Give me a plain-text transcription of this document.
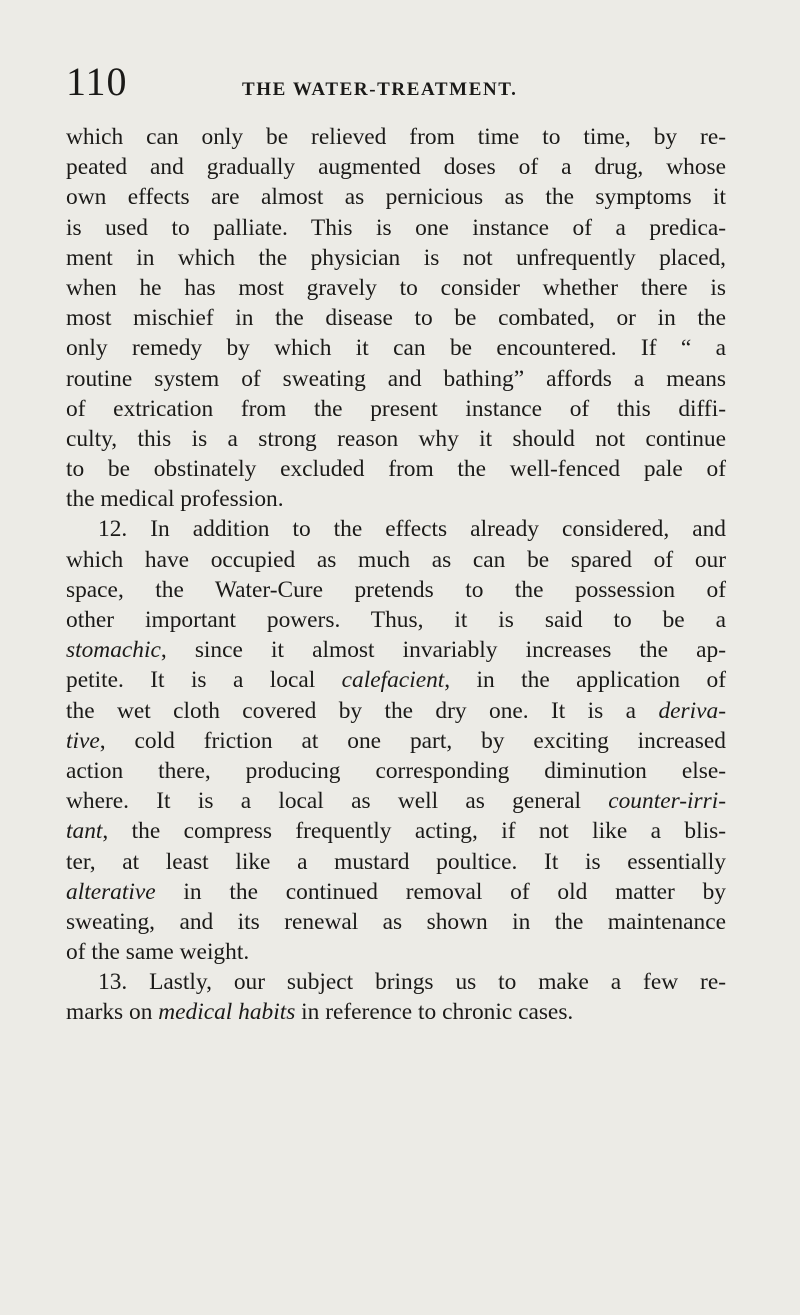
110	THE WATER-TREATMENT.
which can only be relieved from time to time, by re-
peated and gradually augmented doses of a drug, whose
own effects are almost as pernicious as the symptoms it
is used to palliate. This is one instance of a predica-
ment in which the physician is not unfrequently placed,
when he has most gravely to consider whether there is
most mischief in the disease to be combated, or in the
only remedy by which it can be encountered. If “ a
routine system of sweating and bathing” affords a means
of extrication from the present instance of this diffi-
culty, this is a strong reason why it should not continue
to be obstinately excluded from the well-fenced pale of
the medical profession.
12. In addition to the effects already considered, and
which have occupied as much as can be spared of our
space, the Water-Cure pretends to the possession of
other important powers. Thus, it is said to be a
stomachic, since it almost invariably increases the ap-
petite. It is a local calefacient, in the application of
the wet cloth covered by the dry one. It is a deriva-
tive, cold friction at one part, by exciting increased
action there, producing corresponding diminution else-
where. It is a local as well as general counter-irri-
tant, the compress frequently acting, if not like a blis-
ter, at least like a mustard poultice. It is essentially
alterative in the continued removal of old matter by
sweating, and its renewal as shown in the maintenance
of the same weight.
13. Lastly, our subject brings us to make a few re-
marks on medical habits in reference to chronic cases.
